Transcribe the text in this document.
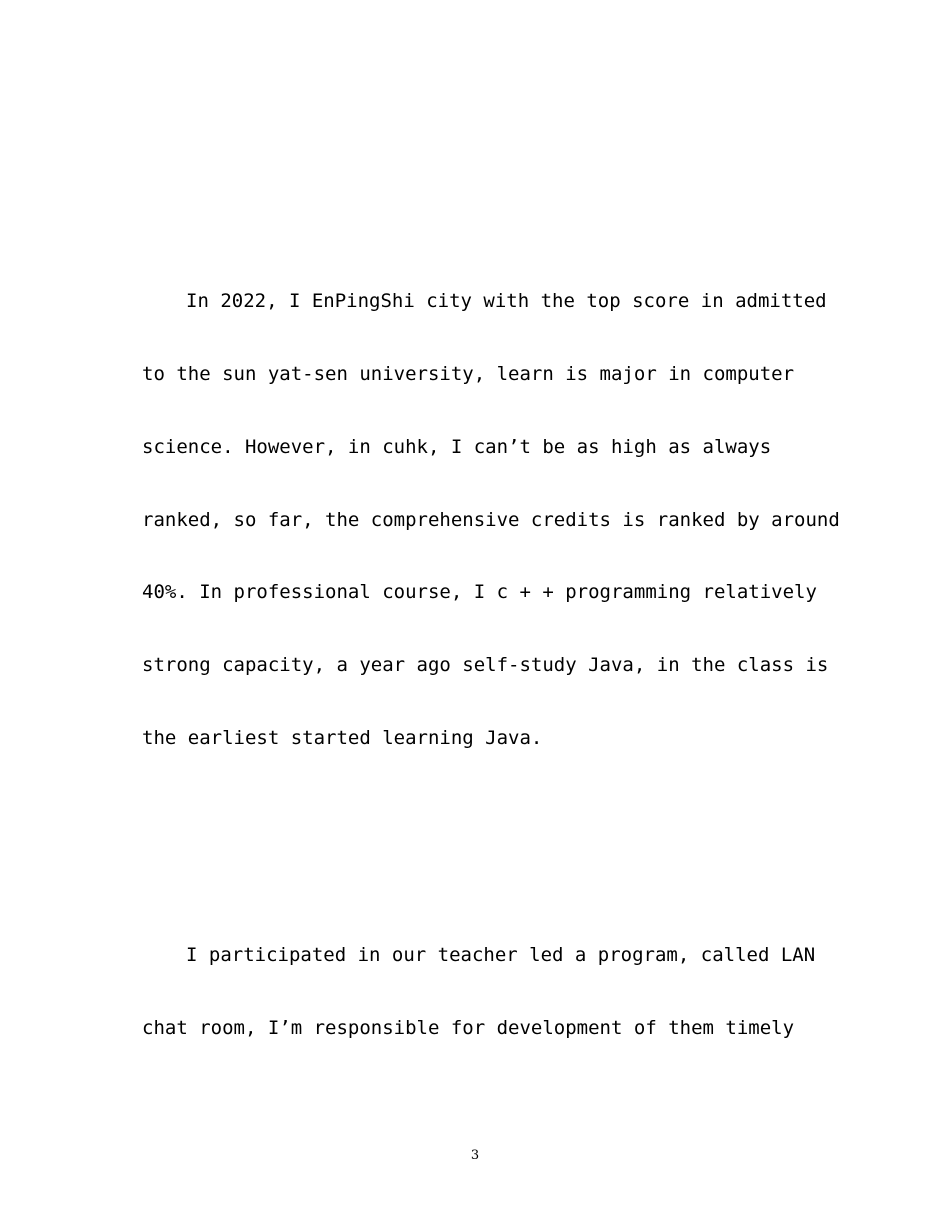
In 2022, I EnPingShi city with the top score in admitted

to the sun yat-sen university, learn is major in computer

science. However, in cuhk, I can’t be as high as always

ranked, so far, the comprehensive credits is ranked by around

40%. In professional course, I c + + programming relatively

strong capacity, a year ago self-study Java, in the class is

the earliest started learning Java.

I participated in our teacher led a program, called LAN

chat room, I’m responsible for development of them timely

3
